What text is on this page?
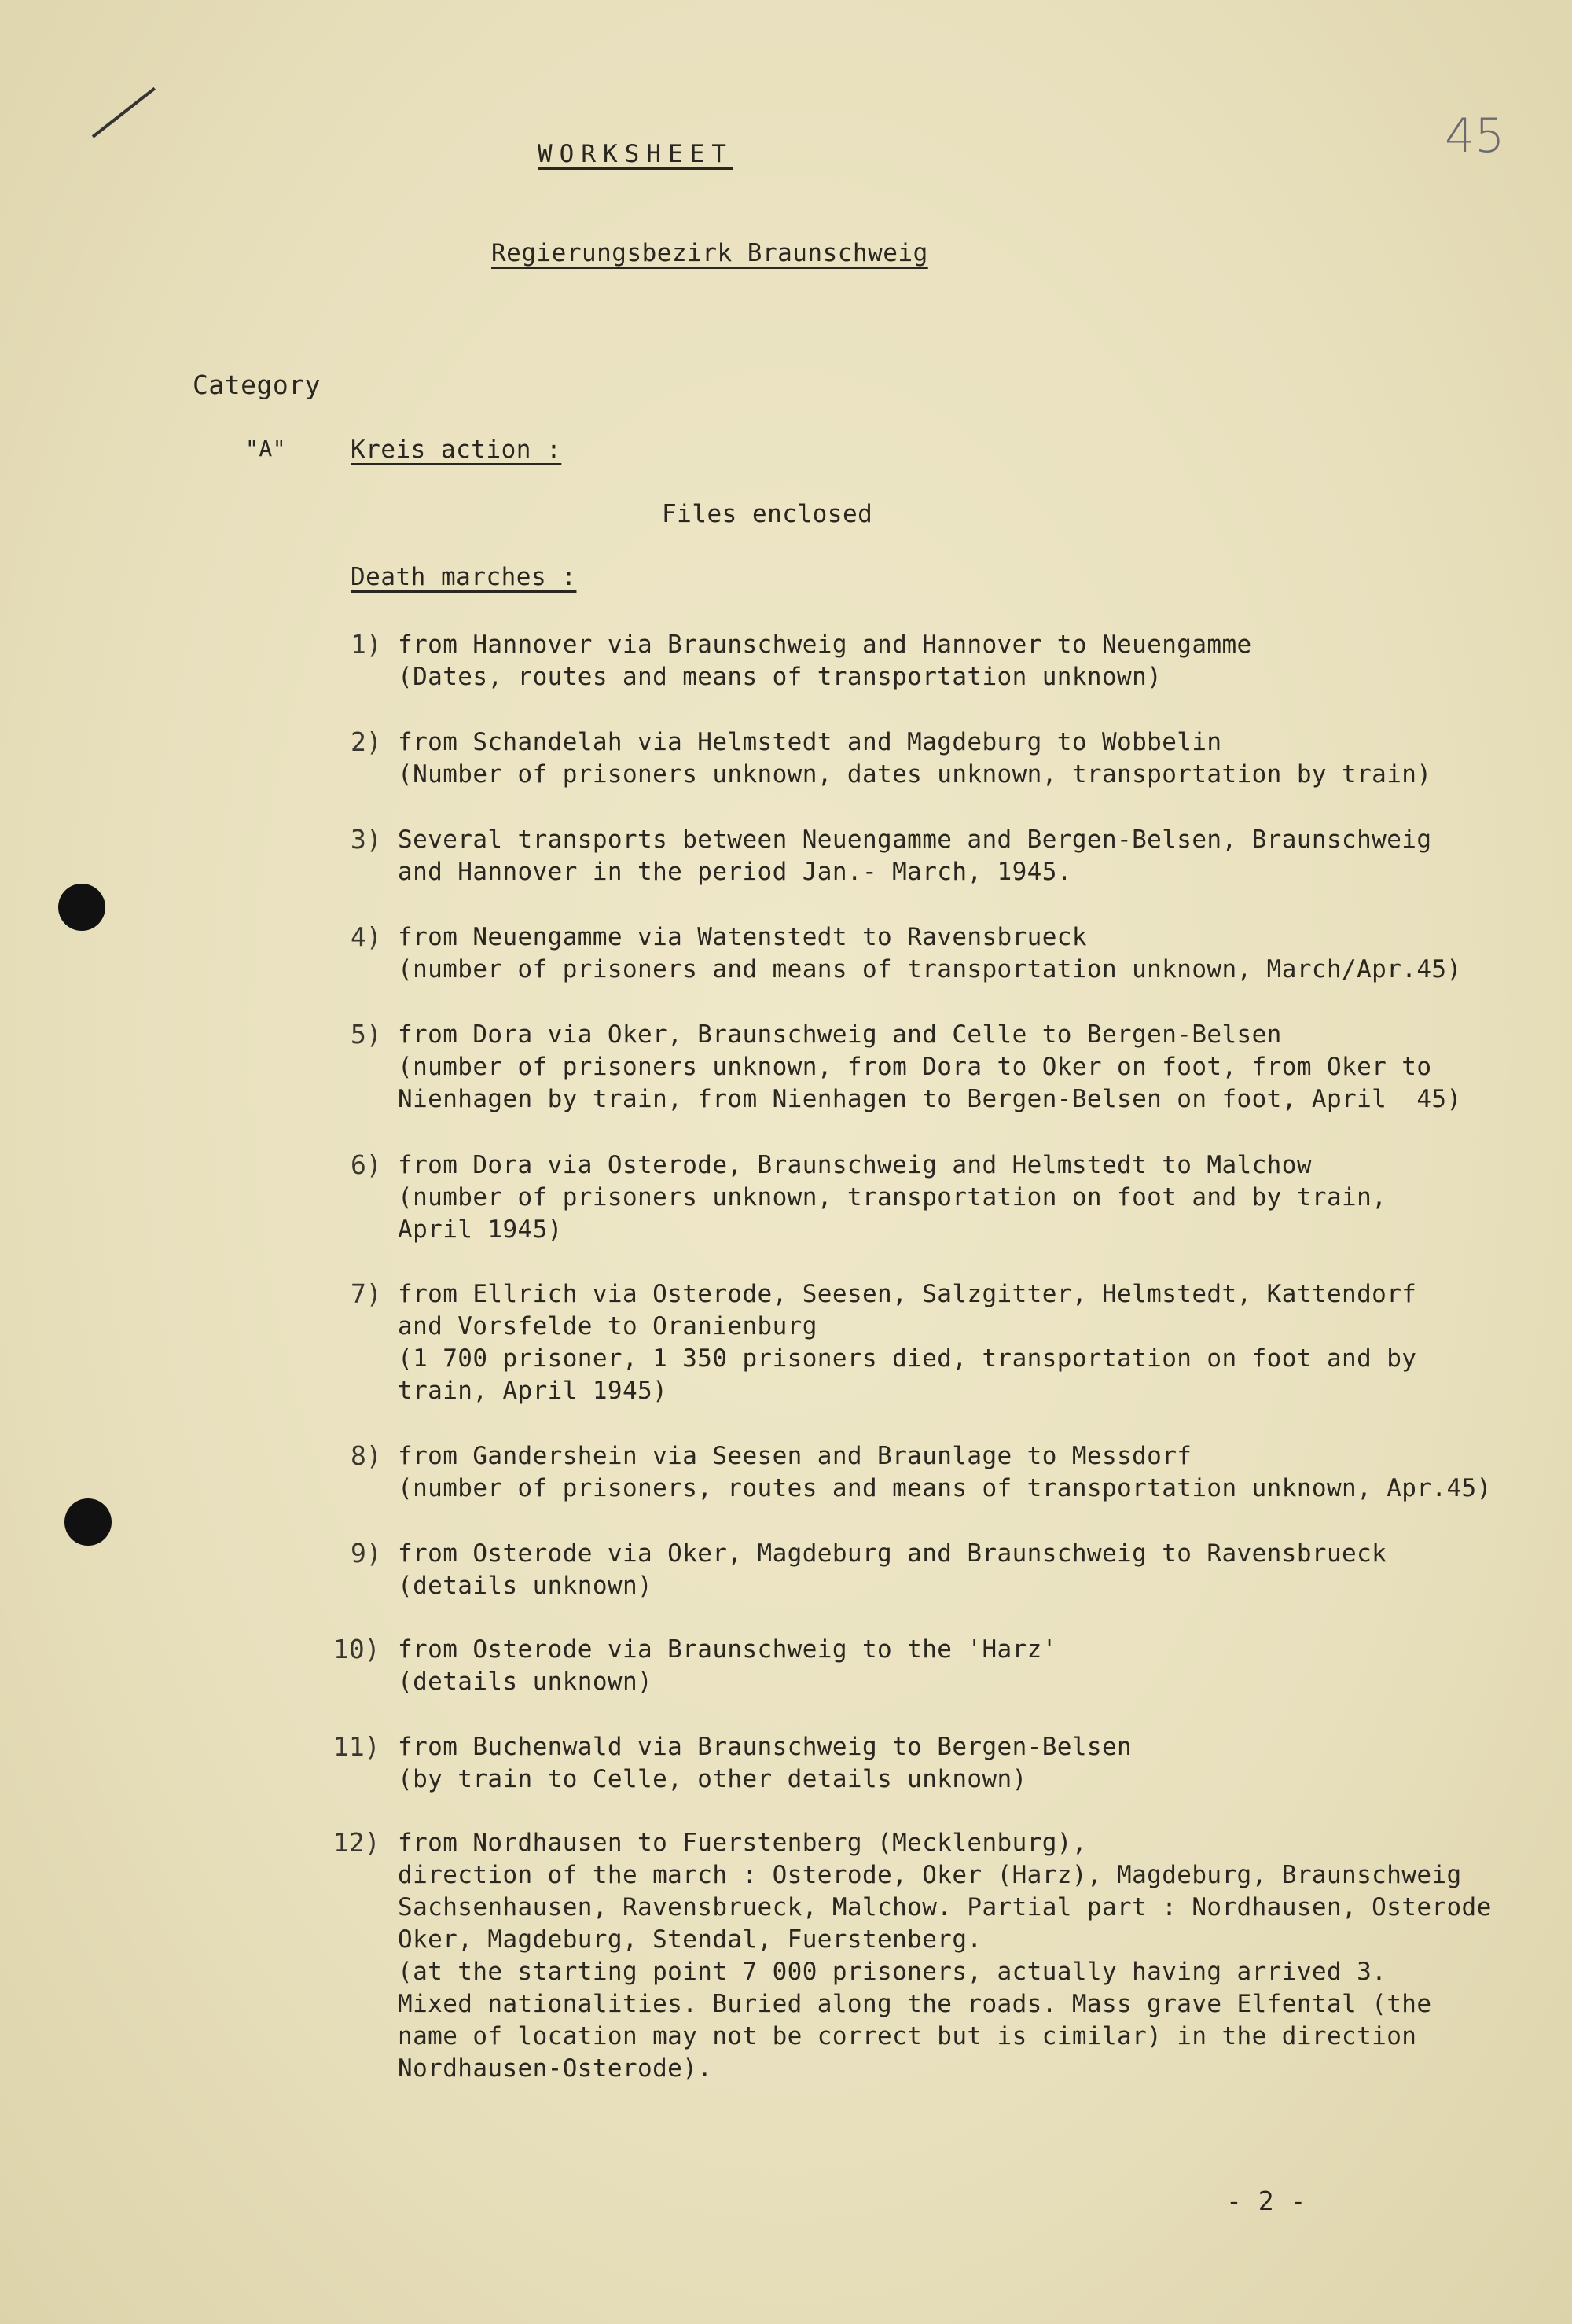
WORKSHEET	45
Regierungsbezirk Braunschweig
Category
"A"	Kreis action :
Files enclosed
Death marches :
1) from Hannover via Braunschweig and Hannover to Neuengamme
(Dates, routes and means of transportation unknown)
2) from Schandelah via Helmstedt and Magdeburg to Wobbelin
(Number of prisoners unknown, dates unknown, transportation by train)
3) Several transports between Neuengamme and Bergen-Belsen, Braunschweig
and Hannover in the period Jan.- March, 1945.
4) from Neuengamme via Watenstedt to Ravensbrueck
(number of prisoners and means of transportation unknown, March/Apr.45)
5) from Dora via Oker, Braunschweig and Celle to Bergen-Belsen
(number of prisoners unknown, from Dora to Oker on foot, from Oker to
Nienhagen by train, from Nienhagen to Bergen-Belsen on foot, April  45)
6) from Dora via Osterode, Braunschweig and Helmstedt to Malchow
(number of prisoners unknown, transportation on foot and by train,
April 1945)
7) from Ellrich via Osterode, Seesen, Salzgitter, Helmstedt, Kattendorf
and Vorsfelde to Oranienburg
(1 700 prisoner, 1 350 prisoners died, transportation on foot and by
train, April 1945)
8) from Gandershein via Seesen and Braunlage to Messdorf
(number of prisoners, routes and means of transportation unknown, Apr.45)
9) from Osterode via Oker, Magdeburg and Braunschweig to Ravensbrueck
(details unknown)
10) from Osterode via Braunschweig to the 'Harz'
(details unknown)
11) from Buchenwald via Braunschweig to Bergen-Belsen
(by train to Celle, other details unknown)
12) from Nordhausen to Fuerstenberg (Mecklenburg),
direction of the march : Osterode, Oker (Harz), Magdeburg, Braunschweig
Sachsenhausen, Ravensbrueck, Malchow. Partial part : Nordhausen, Osterode
Oker, Magdeburg, Stendal, Fuerstenberg.
(at the starting point 7 000 prisoners, actually having arrived 3.
Mixed nationalities. Buried along the roads. Mass grave Elfental (the
name of location may not be correct but is cimilar) in the direction
Nordhausen-Osterode).
- 2 -
